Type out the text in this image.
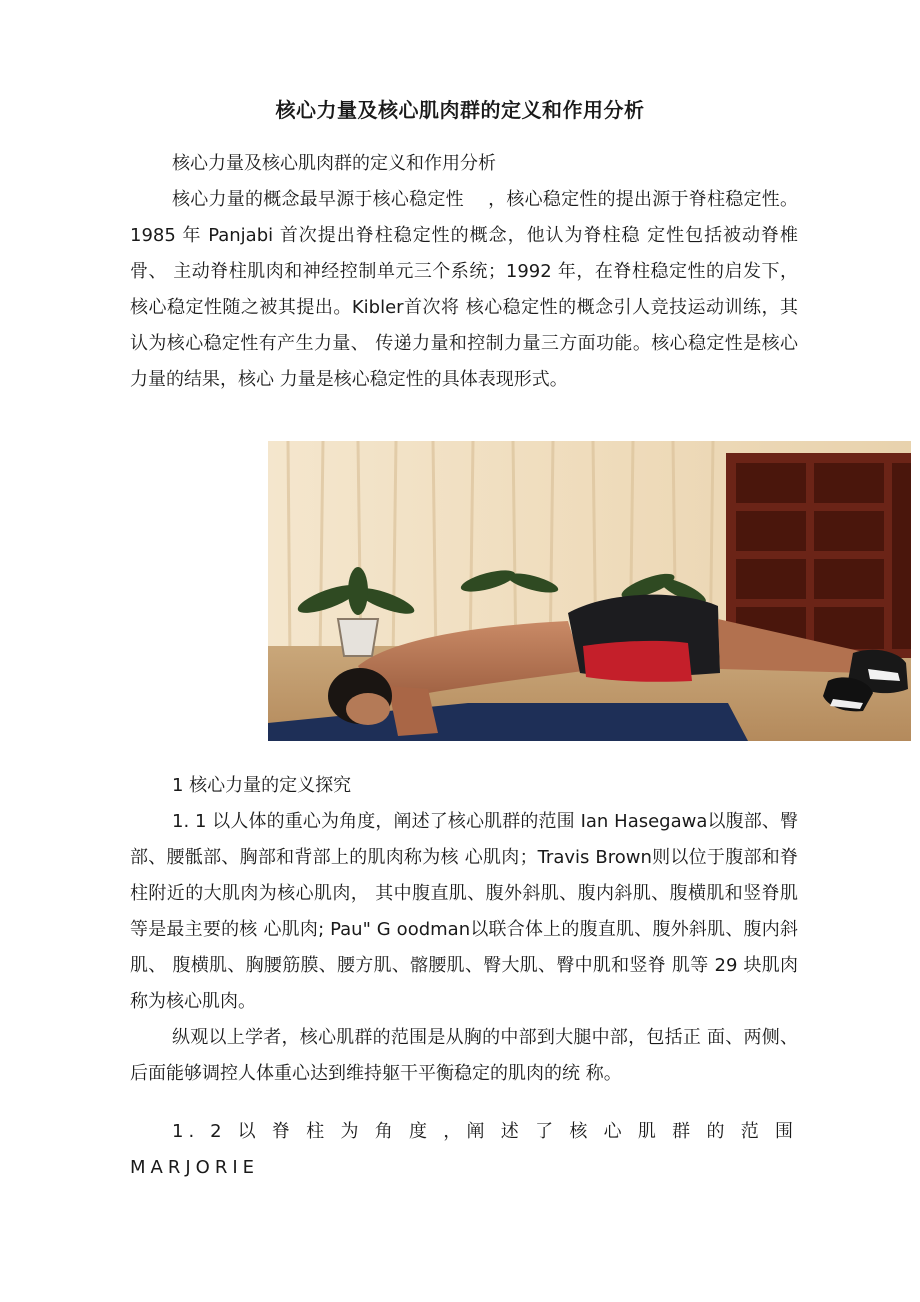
核心力量及核心肌肉群的定义和作用分析

核心力量及核心肌肉群的定义和作用分析

核心力量的概念最早源于核心稳定性　 ，核心稳定性的提出源于脊柱稳定性。1985 年 Panjabi 首次提出脊柱稳定性的概念，他认为脊柱稳 定性包括被动脊椎骨、 主动脊柱肌肉和神经控制单元三个系统；1992 年，在脊柱稳定性的启发下，核心稳定性随之被其提出。Kibler首次将 核心稳定性的概念引人竞技运动训练，其认为核心稳定性有产生力量、 传递力量和控制力量三方面功能。核心稳定性是核心力量的结果，核心 力量是核心稳定性的具体表现形式。

1 核心力量的定义探究

1. 1 以人体的重心为角度，阐述了核心肌群的范围 Ian Hasegawa以腹部、臀部、腰骶部、胸部和背部上的肌肉称为核 心肌肉；Travis Brown则以位于腹部和脊柱附近的大肌肉为核心肌肉， 其中腹直肌、腹外斜肌、腹内斜肌、腹横肌和竖脊肌等是最主要的核 心肌肉; Pau" G oodman以联合体上的腹直肌、腹外斜肌、腹内斜 肌、 腹横肌、胸腰筋膜、腰方肌、髂腰肌、臀大肌、臀中肌和竖脊 肌等 29 块肌肉称为核心肌肉。

纵观以上学者，核心肌群的范围是从胸的中部到大腿中部，包括正 面、两侧、 后面能够调控人体重心达到维持躯干平衡稳定的肌肉的统 称。

1. 2 以 脊 柱 为 角 度 ，阐 述 了 核 心 肌 群 的 范 围 MARJORIE
